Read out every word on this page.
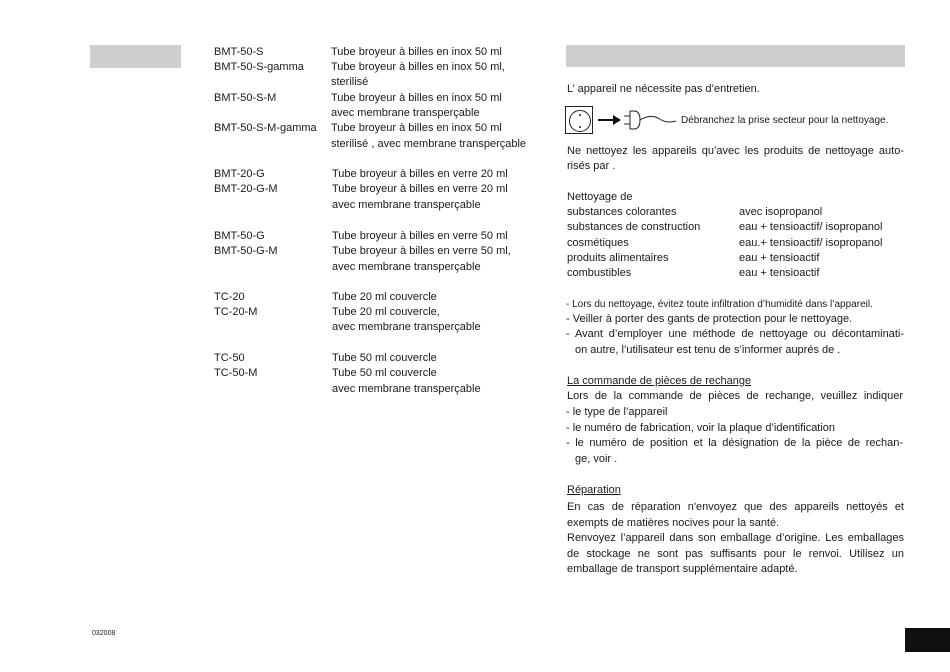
BMT-50-S	Tube broyeur à billes en inox 50 ml
BMT-50-S-gamma Tube broyeur à billes en inox 50 ml,
sterilisé
BMT-50-S-M	Tube broyeur à billes en inox 50 ml
avec membrane transperçable
BMT-50-S-M-gamma Tube broyeur à billes en inox 50 ml
sterilisé , avec membrane transperçable
BMT-20-G	Tube broyeur à billes en verre 20 ml
BMT-20-G-M	Tube broyeur à billes en verre 20 ml
avec membrane transperçable
BMT-50-G	Tube broyeur à billes en verre 50 ml
BMT-50-G-M	Tube broyeur à billes en verre 50 ml,
avec membrane transperçable
TC-20	Tube 20 ml couvercle
TC-20-M	Tube 20 ml couvercle,
avec membrane transperçable
TC-50	Tube 50 ml couvercle
TC-50-M	Tube 50 ml couvercle
avec membrane transperçable
L’ appareil ne nécessite pas d’entretien.
Débranchez la prise secteur pour la nettoyage.
Ne nettoyez les appareils qu’avec les produits de nettoyage auto-
risés par .
Nettoyage de
substances colorantes	avec isopropanol
substances de construction	eau + tensioactif/ isopropanol
cosmétiques	eau.+ tensioactif/ isopropanol
produits alimentaires	eau + tensioactif
combustibles	eau + tensioactif
- Lors du nettoyage, évitez toute infiltration d’humidité dans l’appareil.
- Veiller à porter des gants de protection pour le nettoyage.
- Avant d’employer une méthode de nettoyage ou décontaminati-
on autre, l’utilisateur est tenu de s’informer auprés de .
La commande de pièces de rechange
Lors de la commande de pièces de rechange, veuillez indiquer
- le type de l’appareil
- le numéro de fabrication, voir la plaque d’identification
- le numéro de position et la désignation de la pièce de rechan-
ge, voir .
Réparation
En cas de réparation n'envoyez que des appareils nettoyés et
exempts de matières nocives pour la santé.
Renvoyez l’appareil dans son emballage d’origine. Les emballages
de stockage ne sont pas suffisants pour le renvoi. Utilisez un
emballage de transport supplémentaire adapté.
032008
